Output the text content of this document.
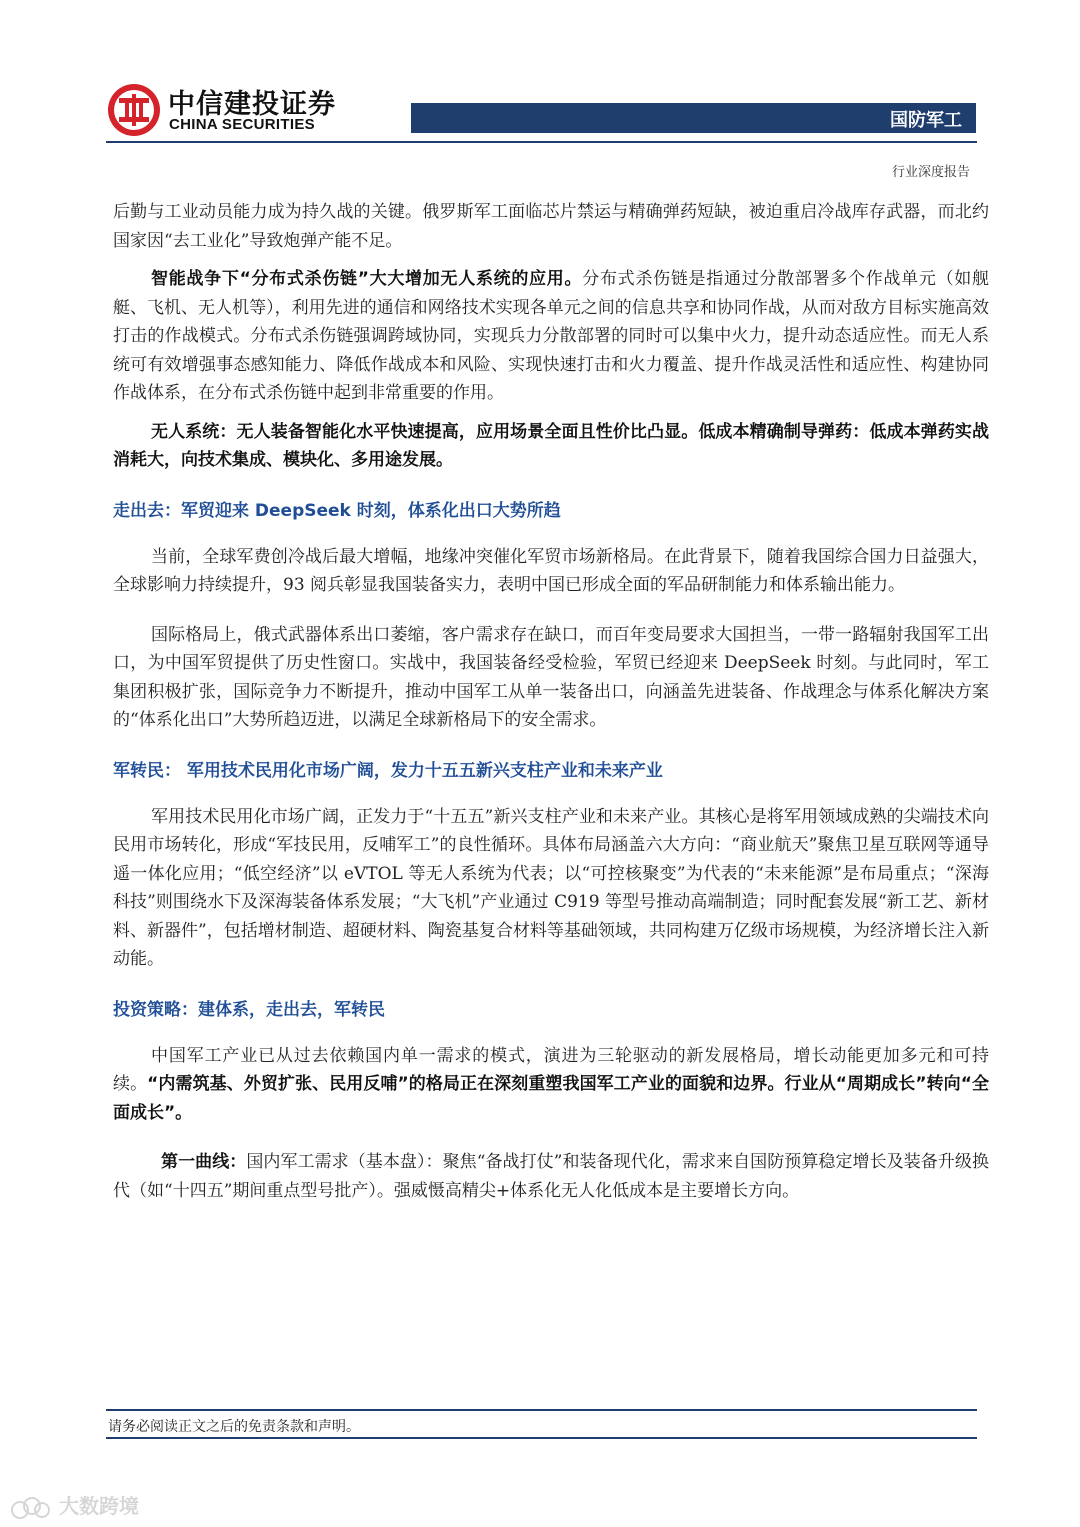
中信建投证券
CHINA SECURITIES	国防军工
行业深度报告

后勤与工业动员能力成为持久战的关键。俄罗斯军工面临芯片禁运与精确弹药短缺，被迫重启冷战库存武器，而北约国家因“去工业化”导致炮弹产能不足。

智能战争下“分布式杀伤链”大大增加无人系统的应用。分布式杀伤链是指通过分散部署多个作战单元（如舰艇、飞机、无人机等），利用先进的通信和网络技术实现各单元之间的信息共享和协同作战，从而对敌方目标实施高效打击的作战模式。分布式杀伤链强调跨域协同，实现兵力分散部署的同时可以集中火力，提升动态适应性。而无人系统可有效增强事态感知能力、降低作战成本和风险、实现快速打击和火力覆盖、提升作战灵活性和适应性、构建协同作战体系，在分布式杀伤链中起到非常重要的作用。

无人系统：无人装备智能化水平快速提高，应用场景全面且性价比凸显。低成本精确制导弹药：低成本弹药实战消耗大，向技术集成、模块化、多用途发展。

走出去：军贸迎来 DeepSeek 时刻，体系化出口大势所趋

当前，全球军费创冷战后最大增幅，地缘冲突催化军贸市场新格局。在此背景下，随着我国综合国力日益强大，全球影响力持续提升，93 阅兵彰显我国装备实力，表明中国已形成全面的军品研制能力和体系输出能力。

国际格局上，俄式武器体系出口萎缩，客户需求存在缺口，而百年变局要求大国担当，一带一路辐射我国军工出口，为中国军贸提供了历史性窗口。实战中，我国装备经受检验，军贸已经迎来 DeepSeek 时刻。与此同时，军工集团积极扩张，国际竞争力不断提升，推动中国军工从单一装备出口，向涵盖先进装备、作战理念与体系化解决方案的“体系化出口”大势所趋迈进，以满足全球新格局下的安全需求。

军转民： 军用技术民用化市场广阔，发力十五五新兴支柱产业和未来产业

军用技术民用化市场广阔，正发力于“十五五”新兴支柱产业和未来产业。其核心是将军用领域成熟的尖端技术向民用市场转化，形成“军技民用，反哺军工”的良性循环。具体布局涵盖六大方向：“商业航天”聚焦卫星互联网等通导遥一体化应用；“低空经济”以 eVTOL 等无人系统为代表；以“可控核聚变”为代表的“未来能源”是布局重点；“深海科技”则围绕水下及深海装备体系发展；“大飞机”产业通过 C919 等型号推动高端制造；同时配套发展“新工艺、新材料、新器件”，包括增材制造、超硬材料、陶瓷基复合材料等基础领域，共同构建万亿级市场规模，为经济增长注入新动能。

投资策略：建体系，走出去，军转民

中国军工产业已从过去依赖国内单一需求的模式，演进为三轮驱动的新发展格局，增长动能更加多元和可持续。“内需筑基、外贸扩张、民用反哺”的格局正在深刻重塑我国军工产业的面貌和边界。行业从“周期成长”转向“全面成长”。

第一曲线：国内军工需求（基本盘）：聚焦“备战打仗”和装备现代化，需求来自国防预算稳定增长及装备升级换代（如“十四五”期间重点型号批产）。强威慑高精尖+体系化无人化低成本是主要增长方向。

请务必阅读正文之后的免责条款和声明。
大数跨境
